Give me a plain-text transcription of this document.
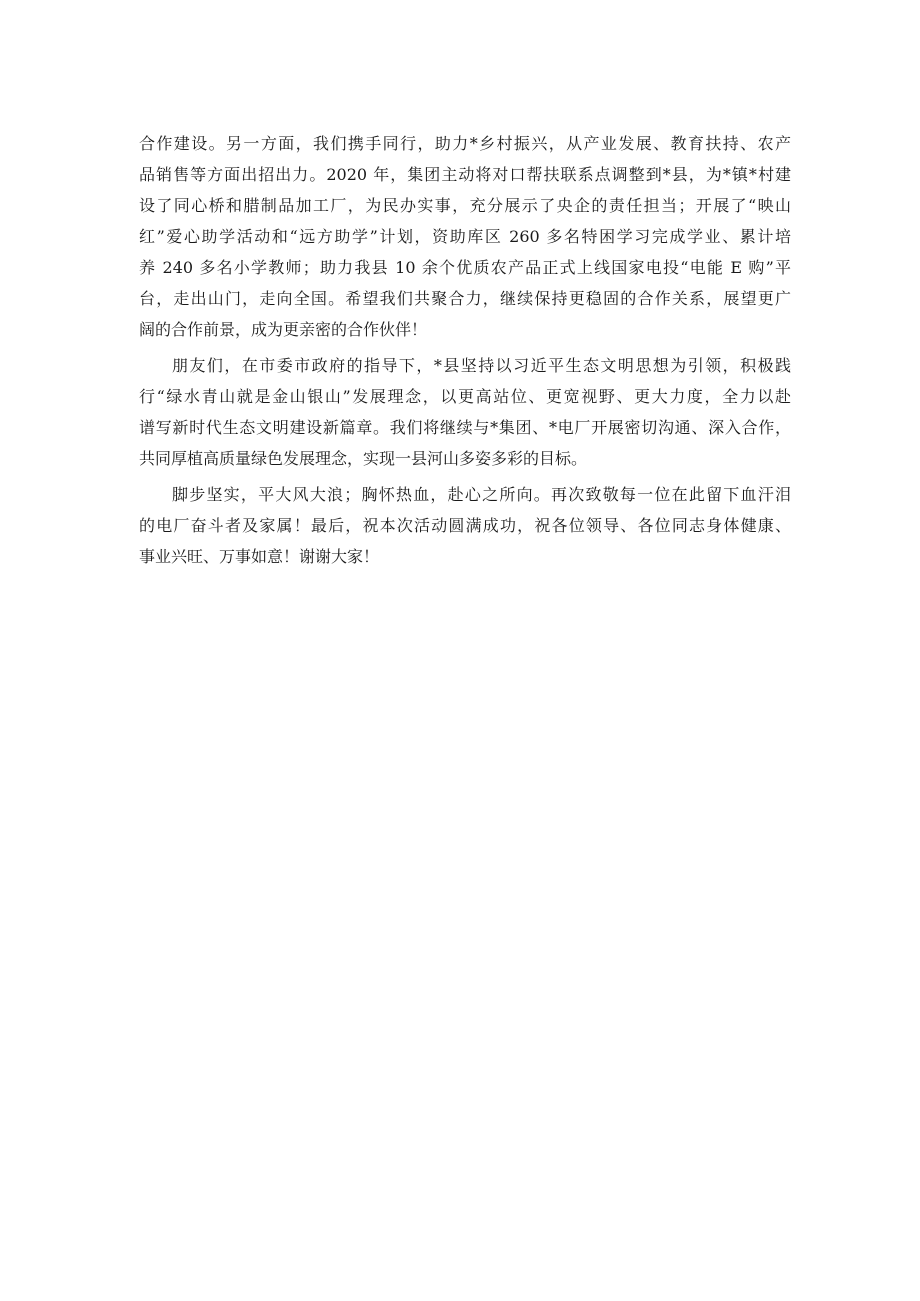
合作建设。另一方面，我们携手同行，助力*乡村振兴，从产业发展、教育扶持、农产
品销售等方面出招出力。2020 年，集团主动将对口帮扶联系点调整到*县，为*镇*村建
设了同心桥和腊制品加工厂，为民办实事，充分展示了央企的责任担当；开展了“映山
红”爱心助学活动和“远方助学”计划，资助库区 260 多名特困学习完成学业、累计培
养 240 多名小学教师；助力我县 10 余个优质农产品正式上线国家电投“电能 E 购”平
台，走出山门，走向全国。希望我们共聚合力，继续保持更稳固的合作关系，展望更广
阔的合作前景，成为更亲密的合作伙伴！
朋友们，在市委市政府的指导下，*县坚持以习近平生态文明思想为引领，积极践
行“绿水青山就是金山银山”发展理念，以更高站位、更宽视野、更大力度，全力以赴
谱写新时代生态文明建设新篇章。我们将继续与*集团、*电厂开展密切沟通、深入合作，
共同厚植高质量绿色发展理念，实现一县河山多姿多彩的目标。
脚步坚实，平大风大浪；胸怀热血，赴心之所向。再次致敬每一位在此留下血汗泪
的电厂奋斗者及家属！最后，祝本次活动圆满成功，祝各位领导、各位同志身体健康、
事业兴旺、万事如意！谢谢大家！
